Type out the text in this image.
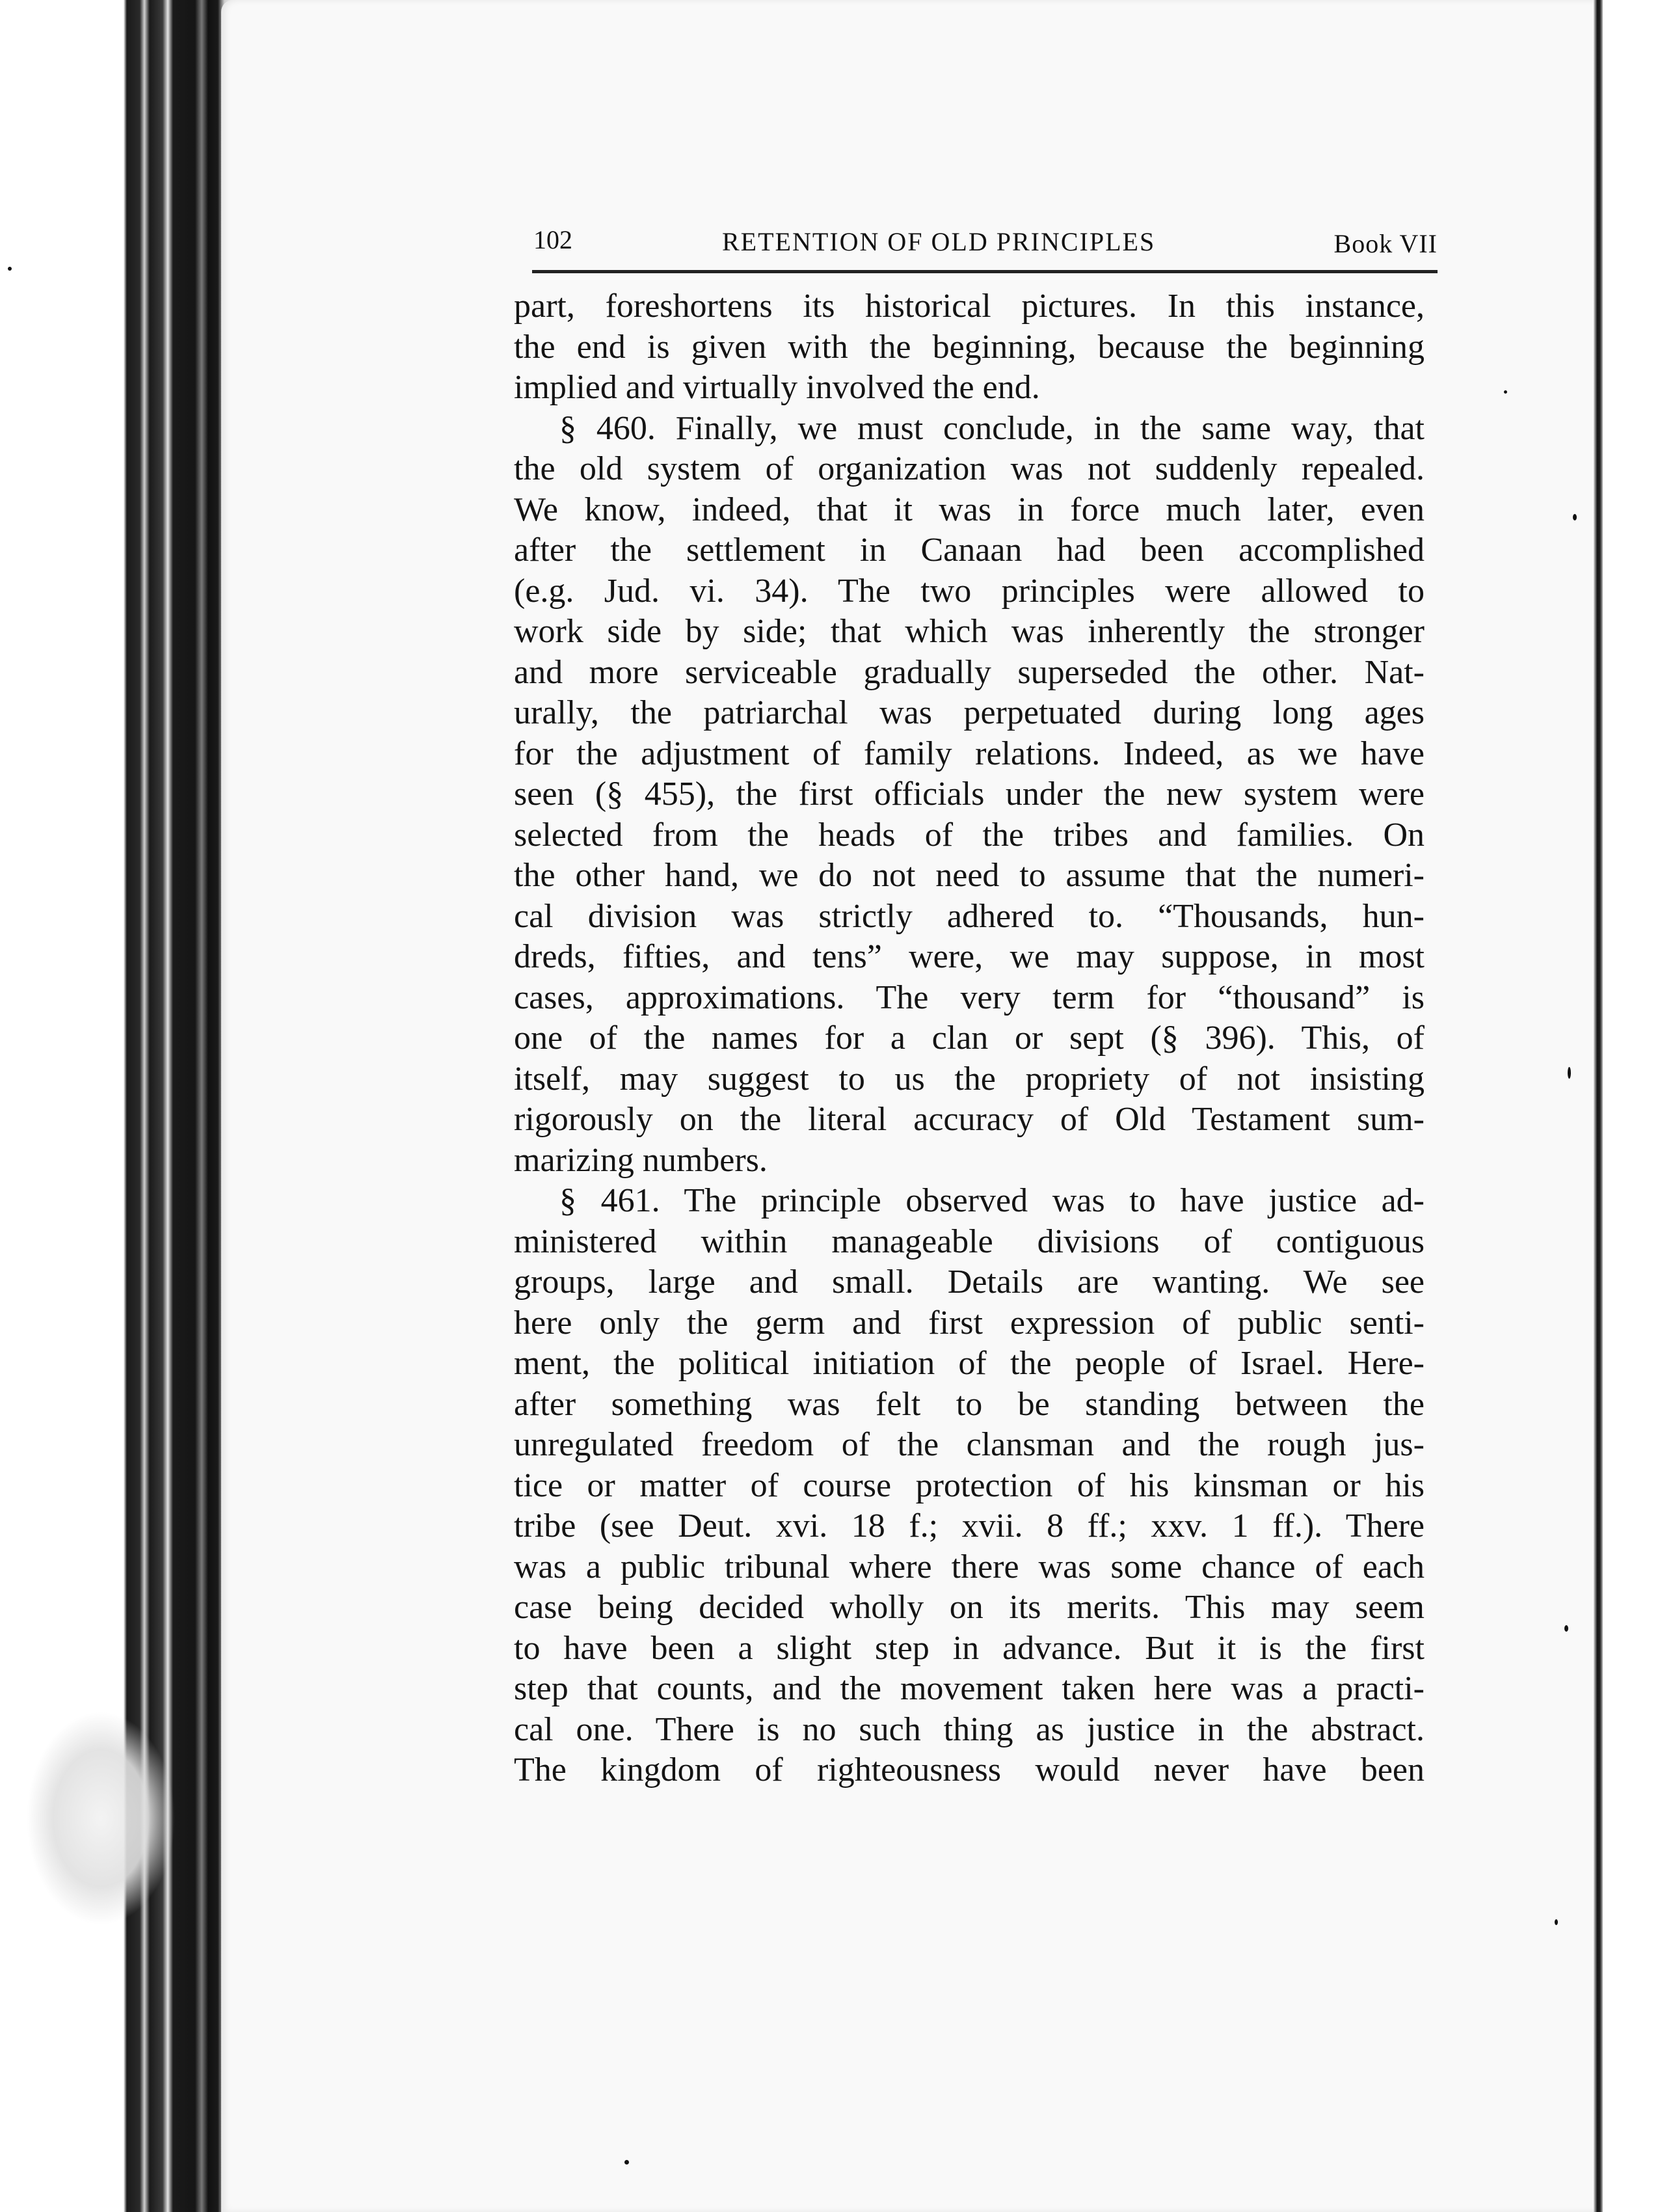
102	RETENTION OF OLD PRINCIPLES	Book VII
part, foreshortens its historical pictures. In this instance,
the end is given with the beginning, because the beginning
implied and virtually involved the end.
§ 460. Finally, we must conclude, in the same way, that
the old system of organization was not suddenly repealed.
We know, indeed, that it was in force much later, even
after the settlement in Canaan had been accomplished
(e.g. Jud. vi. 34). The two principles were allowed to
work side by side; that which was inherently the stronger
and more serviceable gradually superseded the other. Nat-
urally, the patriarchal was perpetuated during long ages
for the adjustment of family relations. Indeed, as we have
seen (§ 455), the first officials under the new system were
selected from the heads of the tribes and families. On
the other hand, we do not need to assume that the numeri-
cal division was strictly adhered to. “Thousands, hun-
dreds, fifties, and tens” were, we may suppose, in most
cases, approximations. The very term for “thousand” is
one of the names for a clan or sept (§ 396). This, of
itself, may suggest to us the propriety of not insisting
rigorously on the literal accuracy of Old Testament sum-
marizing numbers.
§ 461. The principle observed was to have justice ad-
ministered within manageable divisions of contiguous
groups, large and small. Details are wanting. We see
here only the germ and first expression of public senti-
ment, the political initiation of the people of Israel. Here-
after something was felt to be standing between the
unregulated freedom of the clansman and the rough jus-
tice or matter of course protection of his kinsman or his
tribe (see Deut. xvi. 18 f.; xvii. 8 ff.; xxv. 1 ff.). There
was a public tribunal where there was some chance of each
case being decided wholly on its merits. This may seem
to have been a slight step in advance. But it is the first
step that counts, and the movement taken here was a practi-
cal one. There is no such thing as justice in the abstract.
The kingdom of righteousness would never have been
